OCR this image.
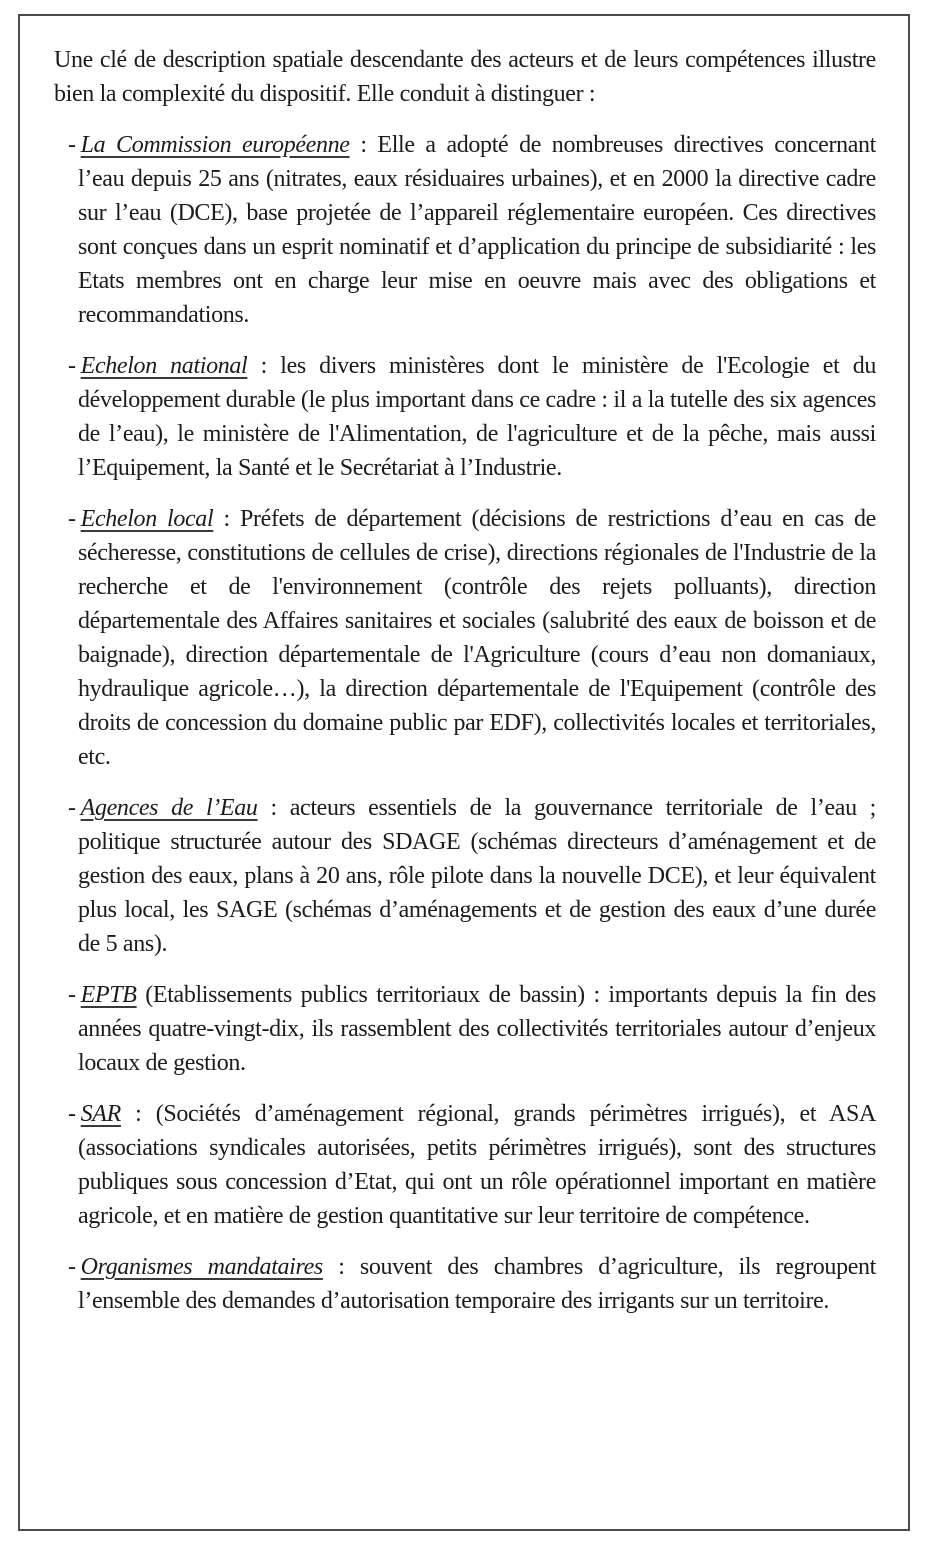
Une clé de description spatiale descendante des acteurs et de leurs compétences illustre bien la complexité du dispositif. Elle conduit à distinguer :

- La Commission européenne : Elle a adopté de nombreuses directives concernant l’eau depuis 25 ans (nitrates, eaux résiduaires urbaines), et en 2000 la directive cadre sur l’eau (DCE), base projetée de l’appareil réglementaire européen. Ces directives sont conçues dans un esprit nominatif et d’application du principe de subsidiarité : les Etats membres ont en charge leur mise en oeuvre mais avec des obligations et recommandations.

- Echelon national : les divers ministères dont le ministère de l'Ecologie et du développement durable (le plus important dans ce cadre : il a la tutelle des six agences de l’eau), le ministère de l'Alimentation, de l'agriculture et de la pêche, mais aussi l’Equipement, la Santé et le Secrétariat à l’Industrie.

- Echelon local : Préfets de département (décisions de restrictions d’eau en cas de sécheresse, constitutions de cellules de crise), directions régionales de l'Industrie de la recherche et de l'environnement (contrôle des rejets polluants), direction départementale des Affaires sanitaires et sociales (salubrité des eaux de boisson et de baignade), direction départementale de l'Agriculture (cours d’eau non domaniaux, hydraulique agricole…), la direction départementale de l'Equipement (contrôle des droits de concession du domaine public par EDF), collectivités locales et territoriales, etc.

- Agences de l’Eau : acteurs essentiels de la gouvernance territoriale de l’eau ; politique structurée autour des SDAGE (schémas directeurs d’aménagement et de gestion des eaux, plans à 20 ans, rôle pilote dans la nouvelle DCE), et leur équivalent plus local, les SAGE (schémas d’aménagements et de gestion des eaux d’une durée de 5 ans).

- EPTB (Etablissements publics territoriaux de bassin) : importants depuis la fin des années quatre-vingt-dix, ils rassemblent des collectivités territoriales autour d’enjeux locaux de gestion.

- SAR : (Sociétés d’aménagement régional, grands périmètres irrigués), et ASA (associations syndicales autorisées, petits périmètres irrigués), sont des structures publiques sous concession d’Etat, qui ont un rôle opérationnel important en matière agricole, et en matière de gestion quantitative sur leur territoire de compétence.

- Organismes mandataires : souvent des chambres d’agriculture, ils regroupent l’ensemble des demandes d’autorisation temporaire des irrigants sur un territoire.
